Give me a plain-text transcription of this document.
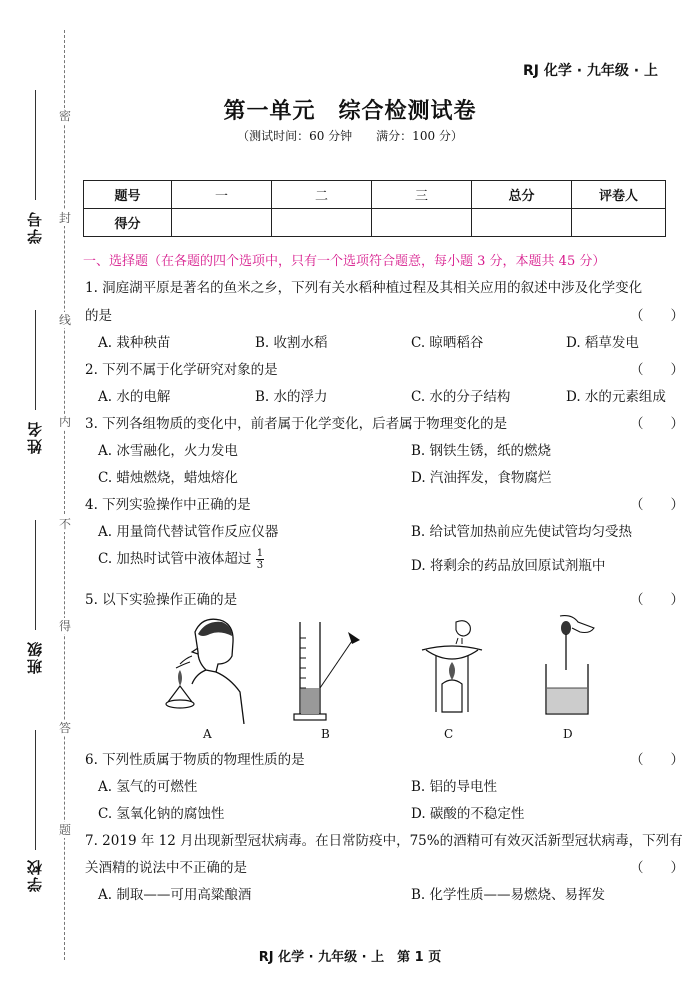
密
封
线
内
不
得
答
题
学号
姓名
班级
学校
RJ 化学 · 九年级 · 上
第一单元　综合检测试卷
（测试时间：60 分钟　　满分：100 分）
题号	一	二	三	总分	评卷人
得分					
一、选择题（在各题的四个选项中，只有一个选项符合题意，每小题 3 分，本题共 45 分）
1. 洞庭湖平原是著名的鱼米之乡，下列有关水稻种植过程及其相关应用的叙述中涉及化学变化
的是	（　　）
A. 栽种秧苗	B. 收割水稻	C. 晾晒稻谷	D. 稻草发电
2. 下列不属于化学研究对象的是	（　　）
A. 水的电解	B. 水的浮力	C. 水的分子结构	D. 水的元素组成
3. 下列各组物质的变化中，前者属于化学变化，后者属于物理变化的是	（　　）
A. 冰雪融化，火力发电	B. 钢铁生锈，纸的燃烧
C. 蜡烛燃烧，蜡烛熔化	D. 汽油挥发，食物腐烂
4. 下列实验操作中正确的是	（　　）
A. 用量筒代替试管作反应仪器	B. 给试管加热前应先使试管均匀受热
C. 加热时试管中液体超过 $\frac{1}{3}$	D. 将剩余的药品放回原试剂瓶中
5. 以下实验操作正确的是	（　　）
A	B	C	D
6. 下列性质属于物质的物理性质的是	（　　）
A. 氢气的可燃性	B. 铝的导电性
C. 氢氧化钠的腐蚀性	D. 碳酸的不稳定性
7. 2019 年 12 月出现新型冠状病毒。在日常防疫中，75%的酒精可有效灭活新型冠状病毒，下列有
关酒精的说法中不正确的是	（　　）
A. 制取——可用高粱酿酒	B. 化学性质——易燃烧、易挥发
RJ 化学 · 九年级 · 上　第 1 页
